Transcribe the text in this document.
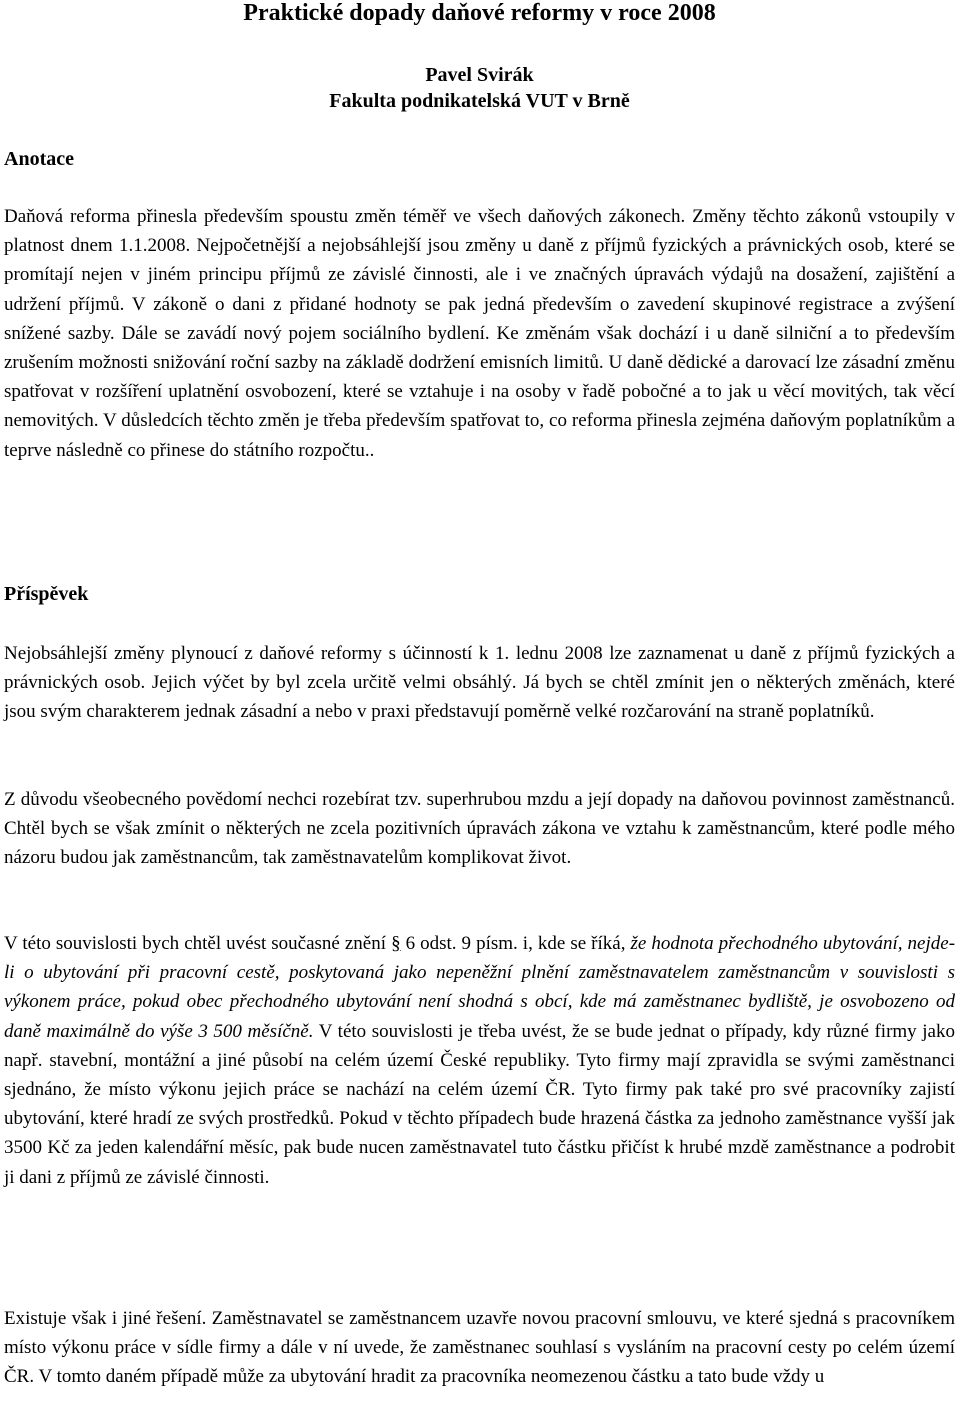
Praktické dopady daňové reformy v roce 2008
Pavel Svirák
Fakulta podnikatelská VUT v Brně
Anotace
Daňová reforma přinesla především spoustu změn téměř ve všech daňových zákonech. Změny těchto zákonů vstoupily v platnost dnem 1.1.2008. Nejpočetnější a nejobsáhlejší jsou změny u daně z příjmů fyzických a právnických osob, které se promítají nejen v jiném principu příjmů ze závislé činnosti, ale i ve značných úpravách výdajů na dosažení, zajištění a udržení příjmů. V zákoně o dani z přidané hodnoty se pak jedná především o zavedení skupinové registrace a zvýšení snížené sazby. Dále se zavádí nový pojem sociálního bydlení. Ke změnám však dochází i u daně silniční a to především zrušením možnosti snižování roční sazby na základě dodržení emisních limitů. U daně dědické a darovací lze zásadní změnu spatřovat v rozšíření uplatnění osvobození, které se vztahuje i na osoby v řadě pobočné a to jak u věcí movitých, tak věcí nemovitých. V důsledcích těchto změn je třeba především spatřovat to, co reforma přinesla zejména daňovým poplatníkům a teprve následně co přinese do státního rozpočtu..
Příspěvek
Nejobsáhlejší změny plynoucí z daňové reformy s účinností k 1. lednu 2008 lze zaznamenat u daně z příjmů fyzických a právnických osob. Jejich výčet by byl zcela určitě velmi obsáhlý. Já bych se chtěl zmínit jen o některých změnách, které jsou svým charakterem jednak zásadní a nebo v praxi představují poměrně velké rozčarování na straně poplatníků.
Z důvodu všeobecného povědomí nechci rozebírat tzv. superhrubou mzdu a její dopady na daňovou povinnost zaměstnanců. Chtěl bych se však zmínit o některých ne zcela pozitivních úpravách zákona ve vztahu k zaměstnancům, které podle mého názoru budou jak zaměstnancům, tak zaměstnavatelům komplikovat život.
V této souvislosti bych chtěl uvést současné znění § 6 odst. 9 písm. i, kde se říká, že hodnota přechodného ubytování, nejde-li o ubytování při pracovní cestě, poskytovaná jako nepeněžní plnění zaměstnavatelem zaměstnancům v souvislosti s výkonem práce, pokud obec přechodného ubytování není shodná s obcí, kde má zaměstnanec bydliště, je osvobozeno od daně maximálně do výše 3 500 měsíčně. V této souvislosti je třeba uvést, že se bude jednat o případy, kdy různé firmy jako např. stavební, montážní a jiné působí na celém území České republiky. Tyto firmy mají zpravidla se svými zaměstnanci sjednáno, že místo výkonu jejich práce se nachází na celém území ČR. Tyto firmy pak také pro své pracovníky zajistí ubytování, které hradí ze svých prostředků. Pokud v těchto případech bude hrazená částka za jednoho zaměstnance vyšší jak 3500 Kč za jeden kalendářní měsíc, pak bude nucen zaměstnavatel tuto částku přičíst k hrubé mzdě zaměstnance a podrobit ji dani z příjmů ze závislé činnosti.
Existuje však i jiné řešení. Zaměstnavatel se zaměstnancem uzavře novou pracovní smlouvu, ve které sjedná s pracovníkem místo výkonu práce v sídle firmy a dále v ní uvede, že zaměstnanec souhlasí s vysláním na pracovní cesty po celém území ČR. V tomto daném případě může za ubytování hradit za pracovníka neomezenou částku a tato bude vždy u
